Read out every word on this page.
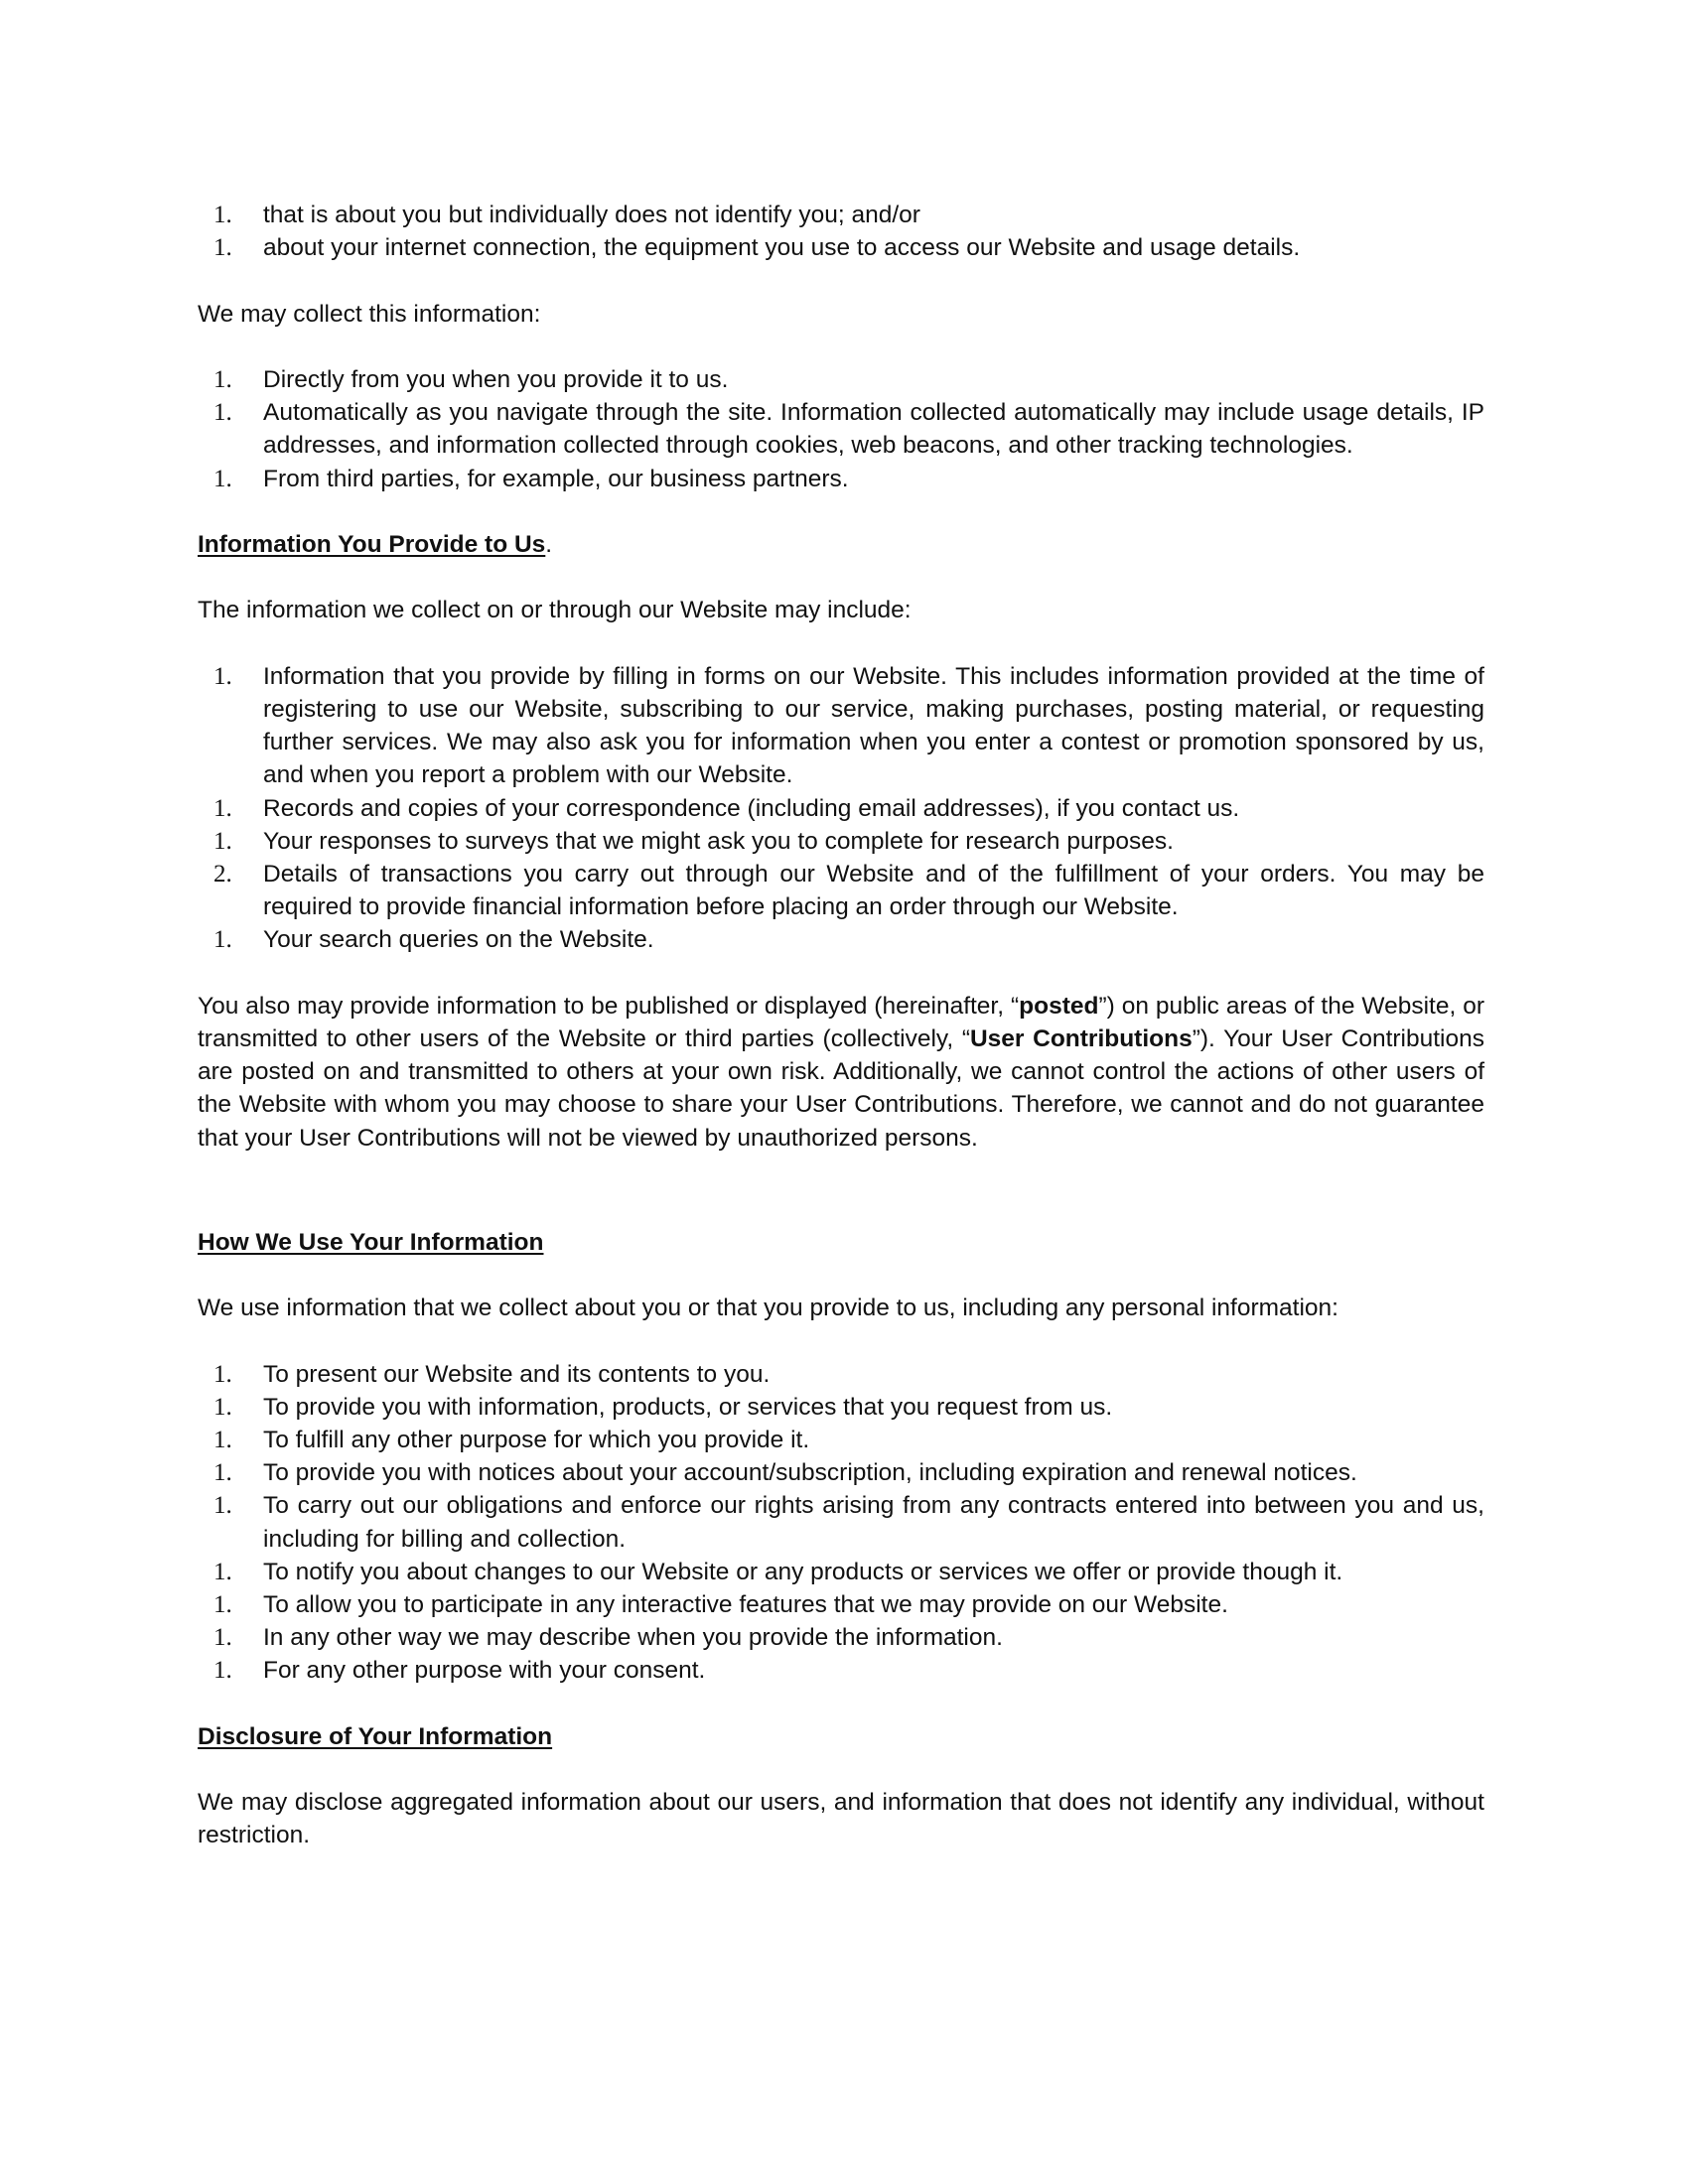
1. that is about you but individually does not identify you; and/or
1. about your internet connection, the equipment you use to access our Website and usage details.

We may collect this information:

1. Directly from you when you provide it to us.
1. Automatically as you navigate through the site. Information collected automatically may include usage details, IP addresses, and information collected through cookies, web beacons, and other tracking technologies.
1. From third parties, for example, our business partners.

Information You Provide to Us.

The information we collect on or through our Website may include:

1. Information that you provide by filling in forms on our Website. This includes information provided at the time of registering to use our Website, subscribing to our service, making purchases, posting material, or requesting further services. We may also ask you for information when you enter a contest or promotion sponsored by us, and when you report a problem with our Website.
1. Records and copies of your correspondence (including email addresses), if you contact us.
1. Your responses to surveys that we might ask you to complete for research purposes.
2. Details of transactions you carry out through our Website and of the fulfillment of your orders. You may be required to provide financial information before placing an order through our Website.
1. Your search queries on the Website.

You also may provide information to be published or displayed (hereinafter, “posted”) on public areas of the Website, or transmitted to other users of the Website or third parties (collectively, “User Contributions”). Your User Contributions are posted on and transmitted to others at your own risk. Additionally, we cannot control the actions of other users of the Website with whom you may choose to share your User Contributions. Therefore, we cannot and do not guarantee that your User Contributions will not be viewed by unauthorized persons.

How We Use Your Information

We use information that we collect about you or that you provide to us, including any personal information:

1. To present our Website and its contents to you.
1. To provide you with information, products, or services that you request from us.
1. To fulfill any other purpose for which you provide it.
1. To provide you with notices about your account/subscription, including expiration and renewal notices.
1. To carry out our obligations and enforce our rights arising from any contracts entered into between you and us, including for billing and collection.
1. To notify you about changes to our Website or any products or services we offer or provide though it.
1. To allow you to participate in any interactive features that we may provide on our Website.
1. In any other way we may describe when you provide the information.
1. For any other purpose with your consent.

Disclosure of Your Information

We may disclose aggregated information about our users, and information that does not identify any individual, without restriction.
